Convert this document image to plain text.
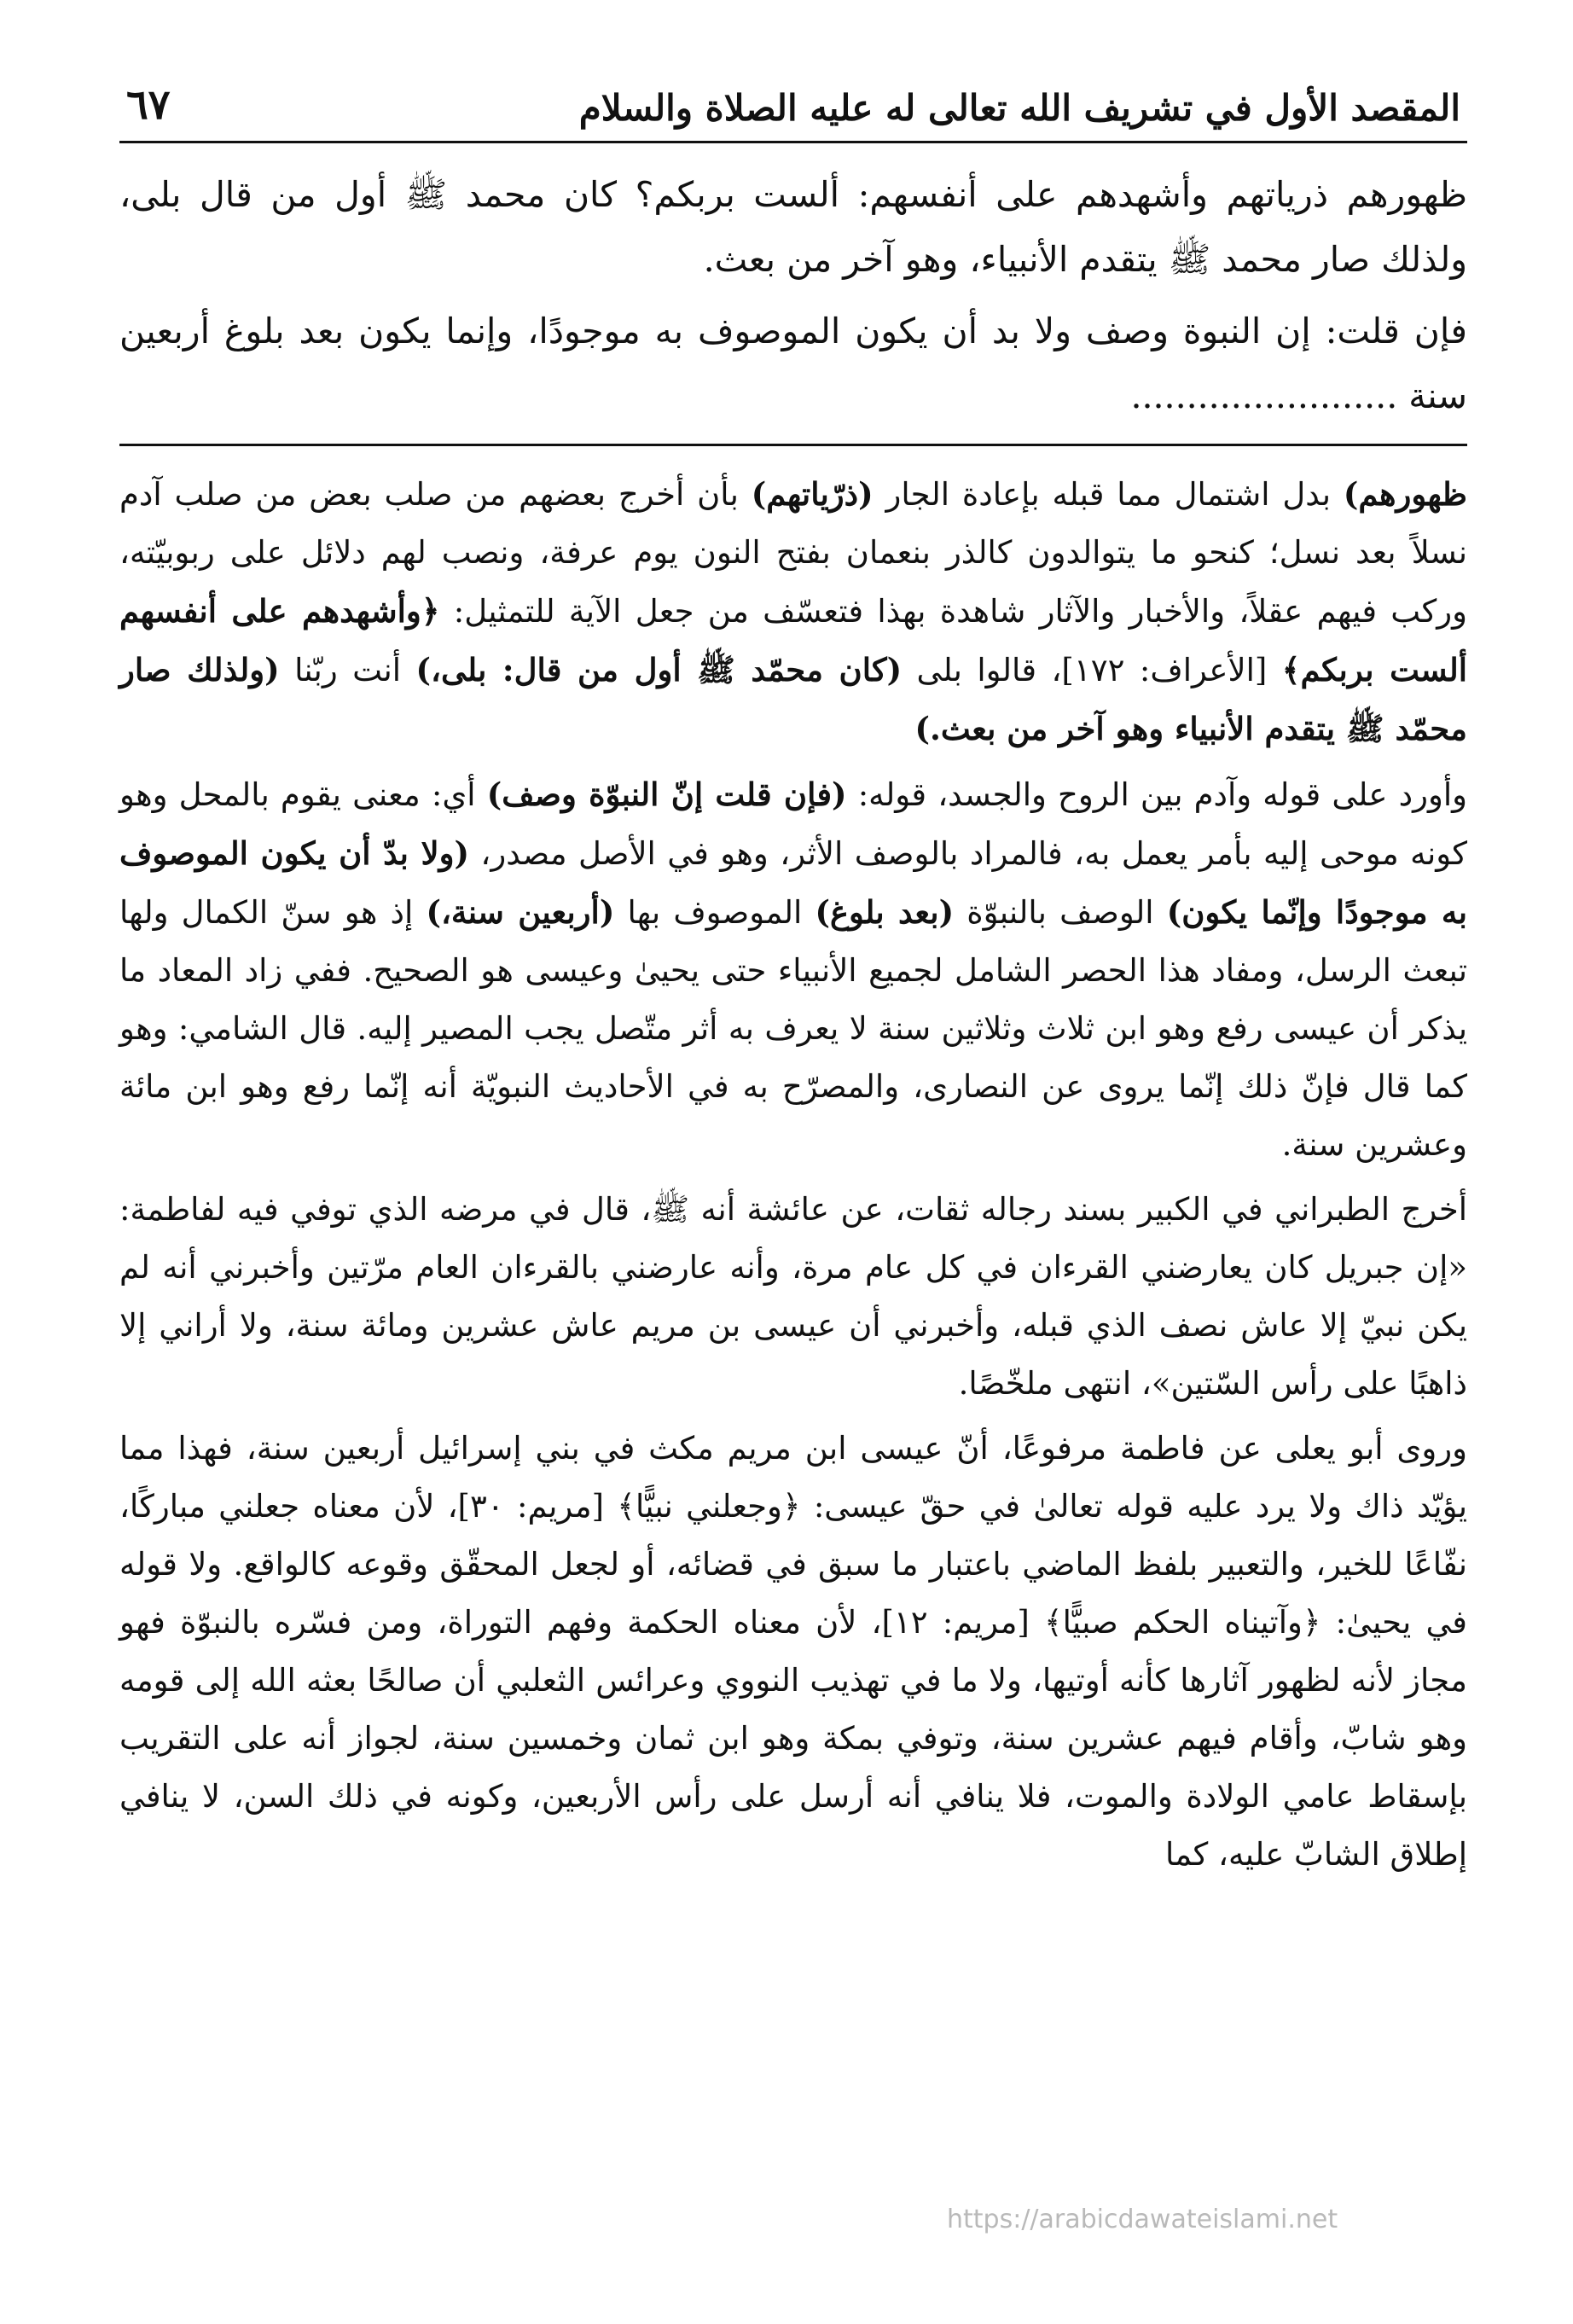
المقصد الأول في تشريف الله تعالى له عليه الصلاة والسلام
٦٧

ظهورهم ذرياتهم وأشهدهم على أنفسهم: ألست بربكم؟ كان محمد ﷺ أول من قال بلى، ولذلك صار محمد ﷺ يتقدم الأنبياء، وهو آخر من بعث.

فإن قلت: إن النبوة وصف ولا بد أن يكون الموصوف به موجودًا، وإنما يكون بعد بلوغ أربعين سنة ........................

ظهورهم) بدل اشتمال مما قبله بإعادة الجار (ذرّياتهم) بأن أخرج بعضهم من صلب بعض من صلب آدم نسلاً بعد نسل؛ كنحو ما يتوالدون كالذر بنعمان بفتح النون يوم عرفة، ونصب لهم دلائل على ربوبيّته، وركب فيهم عقلاً، والأخبار والآثار شاهدة بهذا فتعسّف من جعل الآية للتمثيل: ﴿وأشهدهم على أنفسهم ألست بربكم﴾ [الأعراف: ١٧٢]، قالوا بلى (كان محمّد ﷺ أول من قال: بلى،) أنت ربّنا (ولذلك صار محمّد ﷺ يتقدم الأنبياء وهو آخر من بعث.)

وأورد على قوله وآدم بين الروح والجسد، قوله: (فإن قلت إنّ النبوّة وصف) أي: معنى يقوم بالمحل وهو كونه موحى إليه بأمر يعمل به، فالمراد بالوصف الأثر، وهو في الأصل مصدر، (ولا بدّ أن يكون الموصوف به موجودًا وإنّما يكون) الوصف بالنبوّة (بعد بلوغ) الموصوف بها (أربعين سنة،) إذ هو سنّ الكمال ولها تبعث الرسل، ومفاد هذا الحصر الشامل لجميع الأنبياء حتى يحيىٰ وعيسى هو الصحيح. ففي زاد المعاد ما يذكر أن عيسى رفع وهو ابن ثلاث وثلاثين سنة لا يعرف به أثر متّصل يجب المصير إليه. قال الشامي: وهو كما قال فإنّ ذلك إنّما يروى عن النصارى، والمصرّح به في الأحاديث النبويّة أنه إنّما رفع وهو ابن مائة وعشرين سنة.

أخرج الطبراني في الكبير بسند رجاله ثقات، عن عائشة أنه ﷺ، قال في مرضه الذي توفي فيه لفاطمة: «إن جبريل كان يعارضني القرءان في كل عام مرة، وأنه عارضني بالقرءان العام مرّتين وأخبرني أنه لم يكن نبيّ إلا عاش نصف الذي قبله، وأخبرني أن عيسى بن مريم عاش عشرين ومائة سنة، ولا أراني إلا ذاهبًا على رأس السّتين»، انتهى ملخّصًا.

وروى أبو يعلى عن فاطمة مرفوعًا، أنّ عيسى ابن مريم مكث في بني إسرائيل أربعين سنة، فهذا مما يؤيّد ذاك ولا يرد عليه قوله تعالىٰ في حقّ عيسى: ﴿وجعلني نبيًّا﴾ [مريم: ٣٠]، لأن معناه جعلني مباركًا، نفّاعًا للخير، والتعبير بلفظ الماضي باعتبار ما سبق في قضائه، أو لجعل المحقّق وقوعه كالواقع. ولا قوله في يحيىٰ: ﴿وآتيناه الحكم صبيًّا﴾ [مريم: ١٢]، لأن معناه الحكمة وفهم التوراة، ومن فسّره بالنبوّة فهو مجاز لأنه لظهور آثارها كأنه أوتيها، ولا ما في تهذيب النووي وعرائس الثعلبي أن صالحًا بعثه الله إلى قومه وهو شابّ، وأقام فيهم عشرين سنة، وتوفي بمكة وهو ابن ثمان وخمسين سنة، لجواز أنه على التقريب بإسقاط عامي الولادة والموت، فلا ينافي أنه أرسل على رأس الأربعين، وكونه في ذلك السن، لا ينافي إطلاق الشابّ عليه، كما

https://arabicdawateislami.net
